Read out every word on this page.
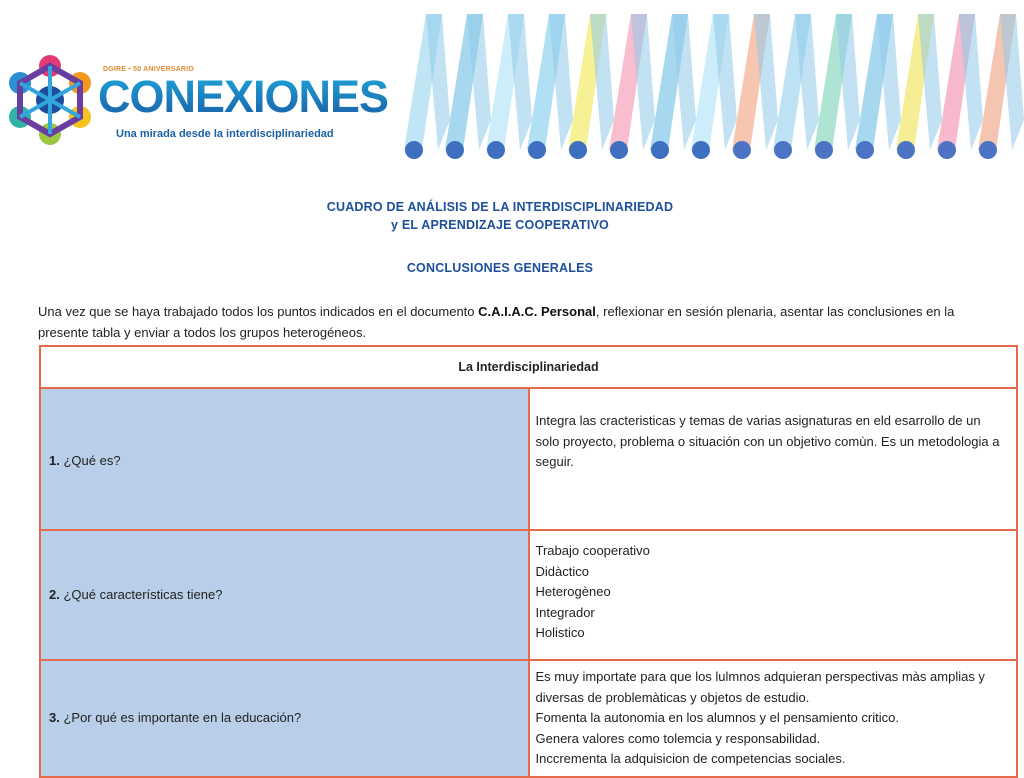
DGIRE • 50 ANIVERSARIO
CONEXIONES
Una mirada desde la interdisciplinariedad
CUADRO DE ANÁLISIS DE LA INTERDISCIPLINARIEDAD
y EL APRENDIZAJE COOPERATIVO
CONCLUSIONES GENERALES
Una vez que se haya trabajado todos los puntos indicados en el documento C.A.I.A.C. Personal, reflexionar en sesión plenaria, asentar las conclusiones en la presente tabla y enviar a todos los grupos heterogéneos.
La Interdisciplinariedad	
1. ¿Qué es?	Integra las cracteristicas y temas de varias asignaturas en eld esarrollo de un solo proyecto, problema o situación con un objetivo comùn. Es un metodologia a seguir.

2. ¿Qué características tiene?	Trabajo cooperativo
Didàctico
Heterogèneo
Integrador
Holistico

3. ¿Por qué es importante en la educación?	Es muy importate para que los lulmnos adquieran perspectivas màs amplias y diversas de problemàticas y objetos de estudio.
Fomenta la autonomia en los alumnos y el pensamiento critico.
Genera valores como tolemcia y responsabilidad.
Inccrementa la adquisicion de competencias sociales.
